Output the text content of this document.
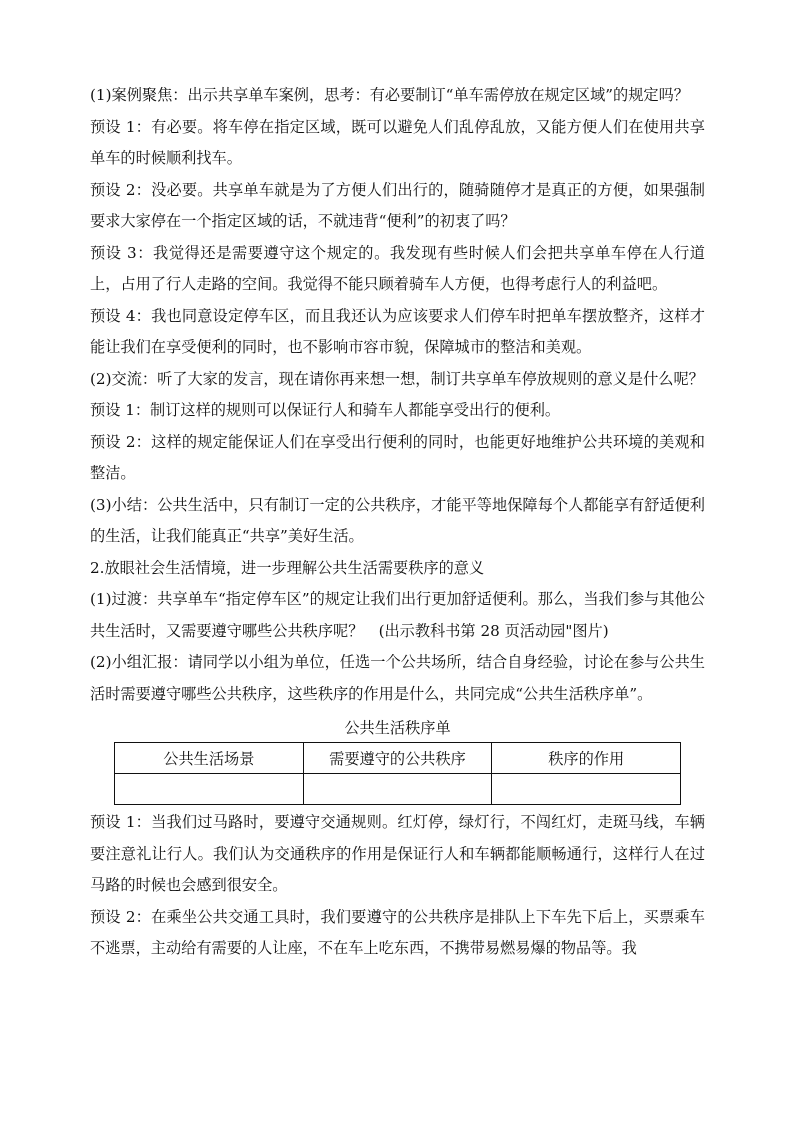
(1)案例聚焦：出示共享单车案例，思考：有必要制订“单车需停放在规定区域”的规定吗？

预设 1：有必要。将车停在指定区域，既可以避免人们乱停乱放，又能方便人们在使用共享单车的时候顺利找车。

预设 2：没必要。共享单车就是为了方便人们出行的，随骑随停才是真正的方便，如果强制要求大家停在一个指定区域的话，不就违背“便利”的初衷了吗？

预设 3：我觉得还是需要遵守这个规定的。我发现有些时候人们会把共享单车停在人行道上，占用了行人走路的空间。我觉得不能只顾着骑车人方便，也得考虑行人的利益吧。

预设 4：我也同意设定停车区，而且我还认为应该要求人们停车时把单车摆放整齐，这样才能让我们在享受便利的同时，也不影响市容市貌，保障城市的整洁和美观。

(2)交流：听了大家的发言，现在请你再来想一想，制订共享单车停放规则的意义是什么呢？

预设 1：制订这样的规则可以保证行人和骑车人都能享受出行的便利。

预设 2：这样的规定能保证人们在享受出行便利的同时，也能更好地维护公共环境的美观和整洁。

(3)小结：公共生活中，只有制订一定的公共秩序，才能平等地保障每个人都能享有舒适便利的生活，让我们能真正“共享”美好生活。

2.放眼社会生活情境，进一步理解公共生活需要秩序的意义

(1)过渡：共享单车“指定停车区”的规定让我们出行更加舒适便利。那么，当我们参与其他公共生活时，又需要遵守哪些公共秩序呢？　(出示教科书第 28 页活动园"图片)

(2)小组汇报：请同学以小组为单位，任选一个公共场所，结合自身经验，讨论在参与公共生活时需要遵守哪些公共秩序，这些秩序的作用是什么，共同完成“公共生活秩序单”。

公共生活秩序单
公共生活场景	需要遵守的公共秩序	秩序的作用

预设 1：当我们过马路时，要遵守交通规则。红灯停，绿灯行，不闯红灯，走斑马线，车辆要注意礼让行人。我们认为交通秩序的作用是保证行人和车辆都能顺畅通行，这样行人在过马路的时候也会感到很安全。

预设 2：在乘坐公共交通工具时，我们要遵守的公共秩序是排队上下车先下后上，买票乘车不逃票，主动给有需要的人让座，不在车上吃东西，不携带易燃易爆的物品等。我
